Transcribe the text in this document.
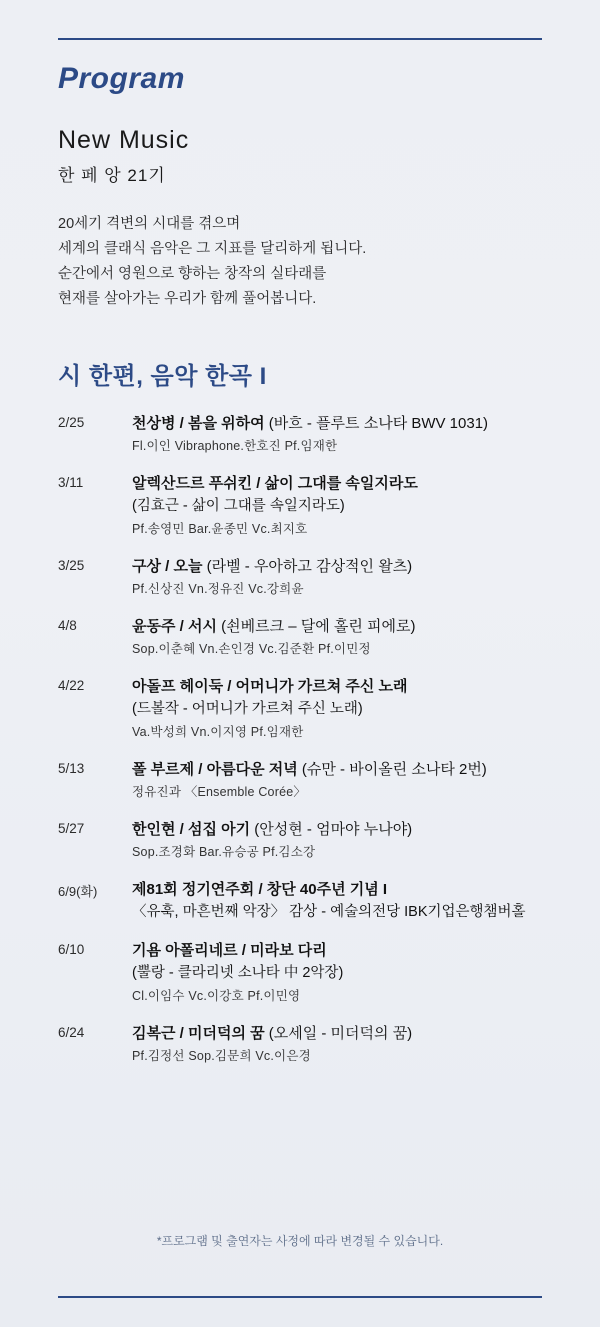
Program
New Music
한 페 앙 21기
20세기 격변의 시대를 겪으며
세계의 클래식 음악은 그 지표를 달리하게 됩니다.
순간에서 영원으로 향하는 창작의 실타래를
현재를 살아가는 우리가 함께 풀어봅니다.
시 한편, 음악 한곡 I
2/25	천상병 / 봄을 위하여 (바흐 - 플루트 소나타 BWV 1031)
Fl.이인 Vibraphone.한호진 Pf.임재한
3/11	알렉산드르 푸쉬킨 / 삶이 그대를 속일지라도
(김효근 - 삶이 그대를 속일지라도)
Pf.송영민 Bar.윤종민 Vc.최지호
3/25	구상 / 오늘 (라벨 - 우아하고 감상적인 왈츠)
Pf.신상진 Vn.정유진 Vc.강희윤
4/8	윤동주 / 서시 (쇤베르크 – 달에 홀린 피에로)
Sop.이춘혜 Vn.손인경 Vc.김준환 Pf.이민정
4/22	아돌프 헤이둑 / 어머니가 가르쳐 주신 노래
(드볼작 - 어머니가 가르쳐 주신 노래)
Va.박성희 Vn.이지영 Pf.임재한
5/13	폴 부르제 / 아름다운 저녁 (슈만 - 바이올린 소나타 2번)
정유진과 〈Ensemble Corée〉
5/27	한인현 / 섬집 아기 (안성현 - 엄마야 누나야)
Sop.조경화 Bar.유승공 Pf.김소강
6/9(화)	제81회 정기연주회 / 창단 40주년 기념 I
〈유훅, 마흔번째 악장〉 감상 - 예술의전당 IBK기업은행챔버홀
6/10	기욤 아폴리네르 / 미라보 다리
(뿔랑 - 클라리넷 소나타 中 2악장)
Cl.이임수 Vc.이강호 Pf.이민영
6/24	김복근 / 미더덕의 꿈 (오세일 - 미더덕의 꿈)
Pf.김정선 Sop.김문희 Vc.이은경
*프로그램 및 출연자는 사정에 따라 변경될 수 있습니다.
